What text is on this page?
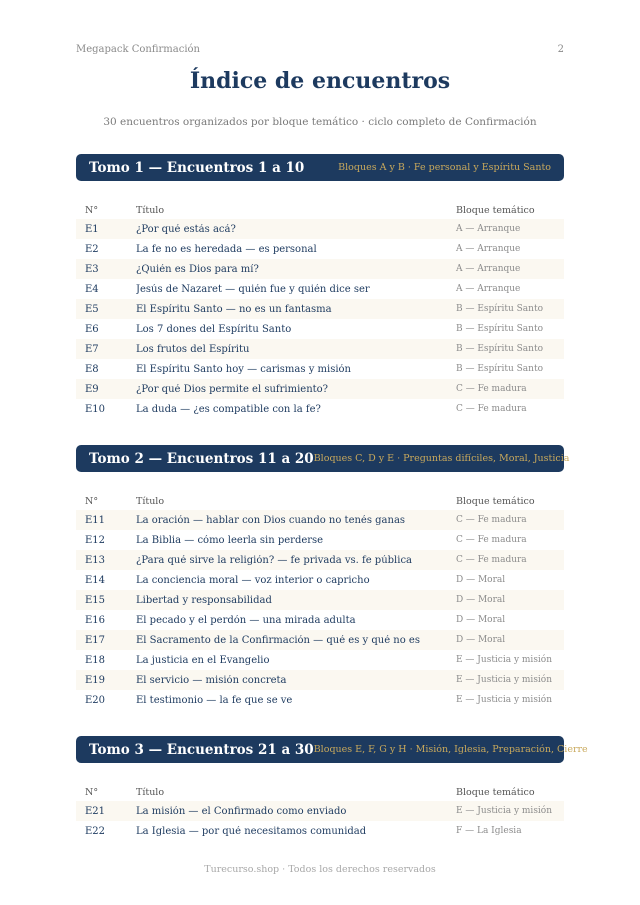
Megapack Confirmación	2
Índice de encuentros
30 encuentros organizados por bloque temático · ciclo completo de Confirmación
Tomo 1 — Encuentros 1 a 10	Bloques A y B · Fe personal y Espíritu Santo
N°	Título	Bloque temático
E1	¿Por qué estás acá?	A — Arranque
E2	La fe no es heredada — es personal	A — Arranque
E3	¿Quién es Dios para mí?	A — Arranque
E4	Jesús de Nazaret — quién fue y quién dice ser	A — Arranque
E5	El Espíritu Santo — no es un fantasma	B — Espíritu Santo
E6	Los 7 dones del Espíritu Santo	B — Espíritu Santo
E7	Los frutos del Espíritu	B — Espíritu Santo
E8	El Espíritu Santo hoy — carismas y misión	B — Espíritu Santo
E9	¿Por qué Dios permite el sufrimiento?	C — Fe madura
E10	La duda — ¿es compatible con la fe?	C — Fe madura
Tomo 2 — Encuentros 11 a 20 Bloques C, D y E · Preguntas difíciles, Moral, Justicia
N°	Título	Bloque temático
E11	La oración — hablar con Dios cuando no tenés ganas	C — Fe madura
E12	La Biblia — cómo leerla sin perderse	C — Fe madura
E13	¿Para qué sirve la religión? — fe privada vs. fe pública	C — Fe madura
E14	La conciencia moral — voz interior o capricho	D — Moral
E15	Libertad y responsabilidad	D — Moral
E16	El pecado y el perdón — una mirada adulta	D — Moral
E17	El Sacramento de la Confirmación — qué es y qué no es	D — Moral
E18	La justicia en el Evangelio	E — Justicia y misión
E19	El servicio — misión concreta	E — Justicia y misión
E20	El testimonio — la fe que se ve	E — Justicia y misión
Tomo 3 — Encuentros 21 a 30 Bloques E, F, G y H · Misión, Iglesia, Preparación, Cierre
N°	Título	Bloque temático
E21	La misión — el Confirmado como enviado	E — Justicia y misión
E22	La Iglesia — por qué necesitamos comunidad	F — La Iglesia
Turecurso.shop · Todos los derechos reservados
